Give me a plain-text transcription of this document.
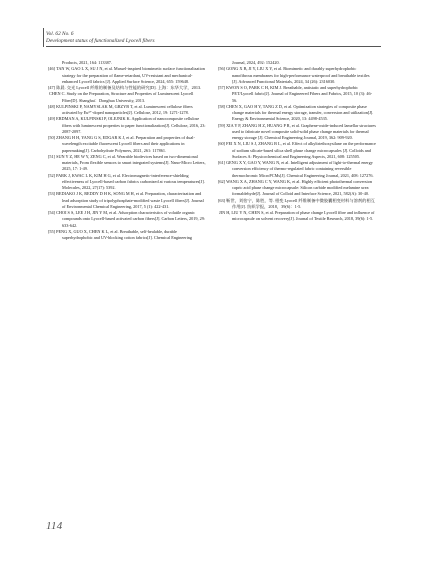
Vol. 62 No. 6
Development status of functionalized Lyocell fibers

Products, 2021, 164: 113387.

[46]TAN W, GAO L X, SU J N, et al. Mussel-inspired biomimetic surface functionalization strategy for the preparation of flame-retardant, UV-resistant and mechanical-enhanced Lyocell fabrics [J]. Applied Surface Science, 2024, 655: 159648.

[47]陈晨. 交光 Lyocell 纤维的制备及结构与性能的研究[D]. 上海：东华大学，2013.

CHEN C. Study on the Preparation, Structure and Properties of Luminescent Lyocell Fiber[D]. Shanghai：Donghua University, 2013.

[48]KULPINSKI P, NAMYSLAK M, GRZYB T, et al. Luminescent cellulose fibers activated by Eu³⁺-doped nanoparticles[J]. Cellulose, 2012, 19: 1271-1278.

[49]ERDMAN A, KULPINSKI P, OLEJNIK K. Application of nanocomposite cellulose fibers with luminescent properties to paper functionalization[J]. Cellulose, 2016, 23: 2087-2097.

[50]ZHANG H H, YANG G S, EDGAR K J, et al. Preparation and properties of dual-wavelength excitable fluorescent Lyocell fibers and their applications in papermaking[J]. Carbohydrate Polymers, 2021, 261: 117861.

[51]SUN Y Z, HE W Y, ZENG C, et al. Wearable biodevices based on two-dimensional materials, From flexible sensors to smart integrated systems[J]. Nano-Micro Letters, 2025, 17: 1-49.

[52]PARK J, KWAC L K, KIM H G, et al. Electromagnetic-interference-shielding effectiveness of Lyocell-based carbon fabrics carbonized at various temperatures[J]. Molecules, 2022, 27(17): 5392.

[53]BEDIAKO J K, REDDY D H K, SONG M H, et al. Preparation, characterization and lead adsorption study of tripolyphosphate-modified waste Lyocell fibers[J]. Journal of Environmental Chemical Engineering, 2017, 5 (1): 422-431.

[54]CHOI S S, LEE J H, JIN Y M, et al. Adsorption characteristics of volatile organic compounds onto Lyocell-based activated carbon fibers[J]. Carbon Letters, 2019, 29: 633-642.

[55]PENG X, GUO X, CHEN K L, et al. Breathable, self-healable, durable superhydrophobic and UV-blocking cotton fabrics[J]. Chemical Engineering

Journal, 2024, 492: 152420.

[56]GONG X B, JI Y, LIU X Y, et al. Biomimetic and durably superhydrophobic nanofibrous membranes for high-performance waterproof and breathable textiles [J]. Advanced Functional Materials, 2024, 34 (26): 2316030.

[57]KWON S O, PARK C H, KIM J. Breathable, antistatic and superhydrophobic PET/Lyocell fabric[J]. Journal of Engineered Fibers and Fabrics, 2015, 10 (3): 46-56.

[58]CHEN X, GAO H Y, TANG Z D, et al. Optimization strategies of composite phase change materials for thermal energy storage, transfer, conversion and utilization[J]. Energy & Environmental Science, 2020, 13: 4498-4535.

[59]XIA Y P, ZHANG H Z, HUANG P R, et al. Graphene-oxide-induced lamellar structures used to fabricate novel composite solid-solid phase change materials for thermal energy storage [J]. Chemical Engineering Journal, 2019, 362: 909-920.

[60]FEI X N, LIU S J, ZHANG B L, et al. Effect of alkyltriethoxysilane on the performance of sodium silicate-based silica shell phase change microcapsules [J]. Colloids and Surfaces A: Physicochemical and Engineering Aspects, 2021, 608: 125505.

[61]GENG X Y, GAO Y, WANG N, et al. Intelligent adjustment of light-to-thermal energy conversion efficiency of thermo-regulated fabric containing reversible thermochromic MicroPCMs[J]. Chemical Engineering Journal, 2021, 408: 127276.

[62]WANG X A, ZHANG C Y, WANG K, et al. Highly efficient photothermal conversion capric acid phase change microcapsule: Silicon carbide modified melamine urea formaldehyde[J]. Journal of Colloid and Interface Science, 2021, 582(A): 30-40.

[63]靳世，刘怡宁，陈胜，等. 相变 Lyocell 纤维制备中微胶囊相变材料与溶剂的相互作用[J]. 纺织学报，2018，39(6)：1-5.

JIN H, LIU Y N, CHEN S, et al. Preparation of phase change Lyocell fibre and influence of microcapsule on solvent recovery[J]. Journal of Textile Research, 2018, 39(6): 1-5.

114
